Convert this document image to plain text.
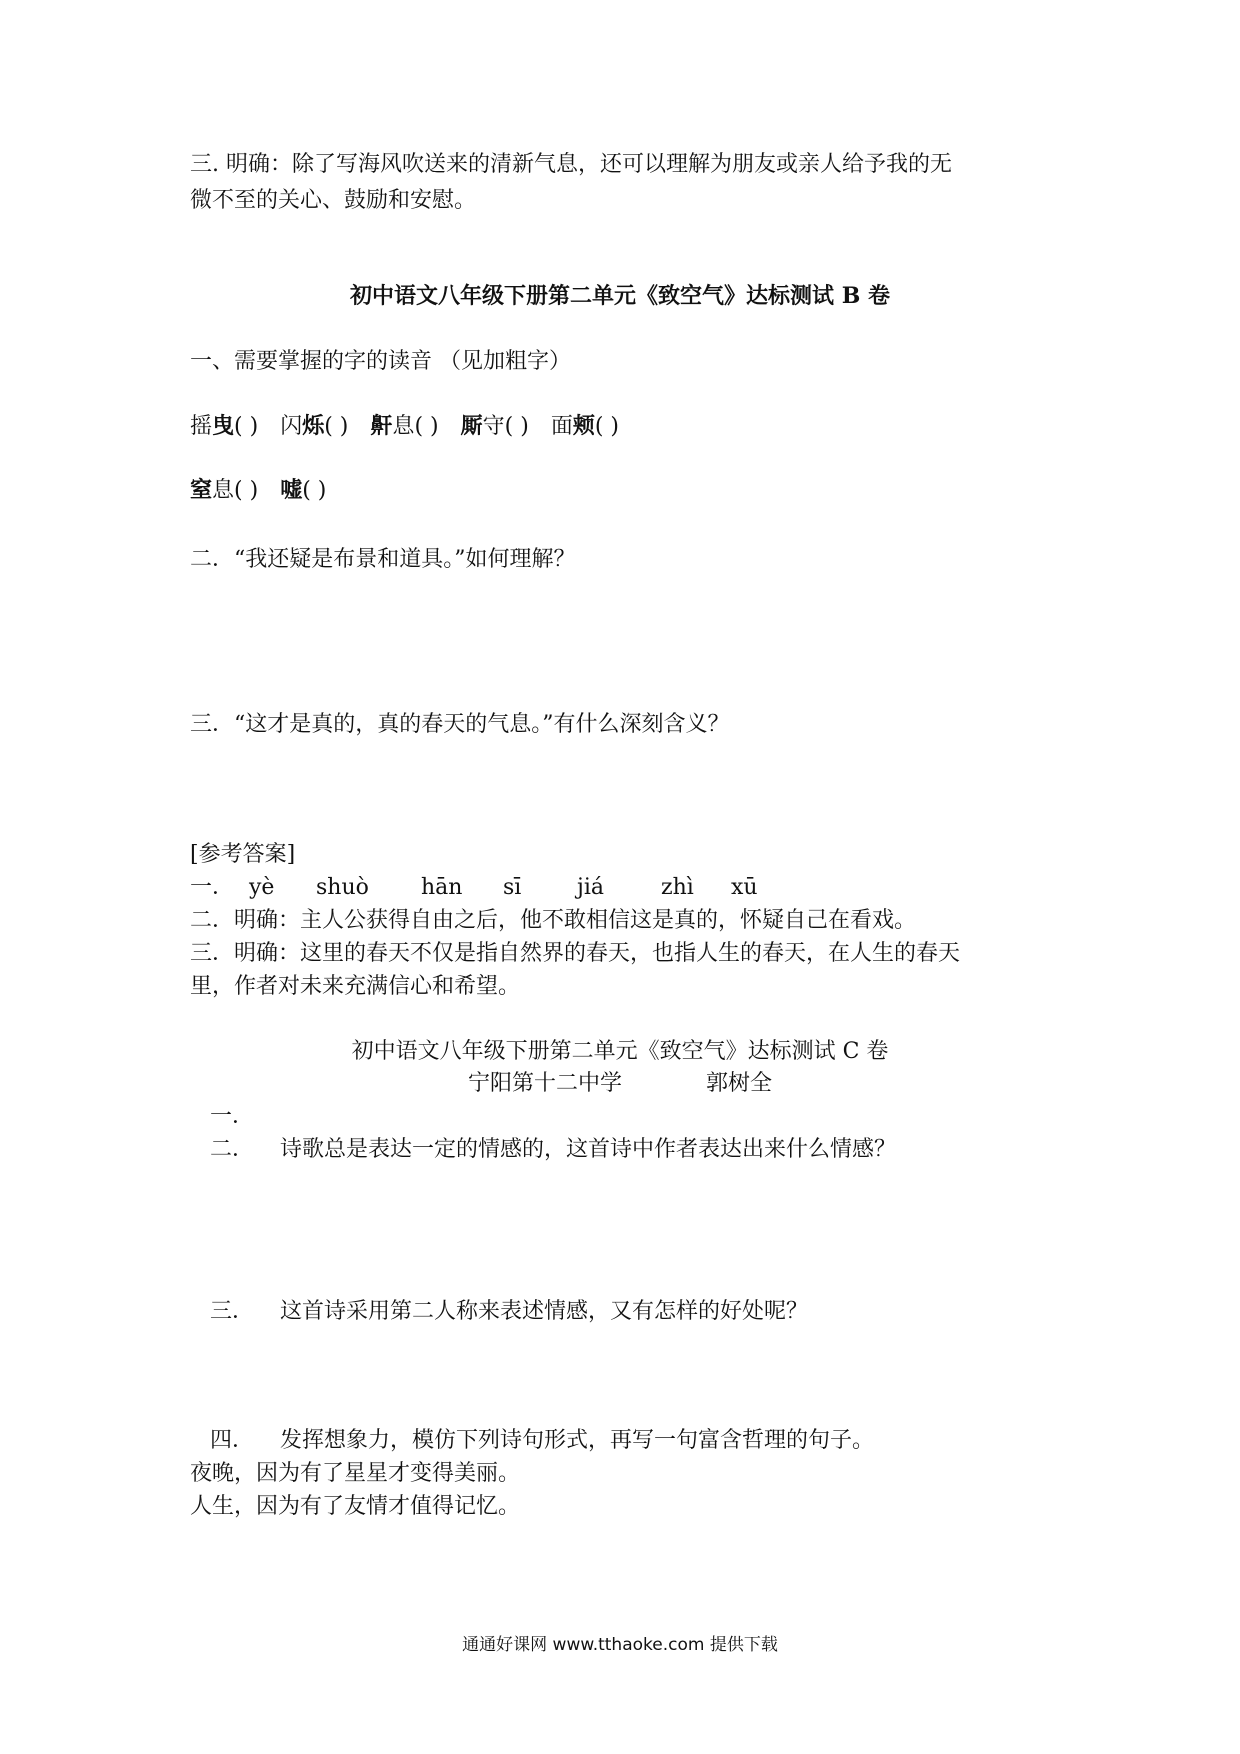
三. 明确：除了写海风吹送来的清新气息，还可以理解为朋友或亲人给予我的无
微不至的关心、鼓励和安慰。
初中语文八年级下册第二单元《致空气》达标测试 B 卷
一、需要掌握的字的读音 （见加粗字）
摇 曳 ( ) 闪 烁 ( ) 鼾 息 ( ) 厮 守 ( ) 面 颊 ( )
窒 息 ( ) 嘘 ( )
二．“我还疑是布景和道具。”如何理解？
三．“这才是真的，真的春天的气息。”有什么深刻含义？
[参考答案]
一． yè shuò hān sī	jiá	zhì xū
二．明确：主人公获得自由之后，他不敢相信这是真的，怀疑自己在看戏。
三．明确：这里的春天不仅是指自然界的春天，也指人生的春天，在人生的春天
里，作者对未来充满信心和希望。
初中语文八年级下册第二单元《致空气》达标测试 C 卷
宁阳第十二中学	郭树全
一．
二． 诗歌总是表达一定的情感的，这首诗中作者表达出来什么情感？
三． 这首诗采用第二人称来表述情感，又有怎样的好处呢？
四． 发挥想象力，模仿下列诗句形式，再写一句富含哲理的句子。
夜晚，因为有了星星才变得美丽。
人生，因为有了友情才值得记忆。
通通好课网 www.tthaoke.com 提供下载
